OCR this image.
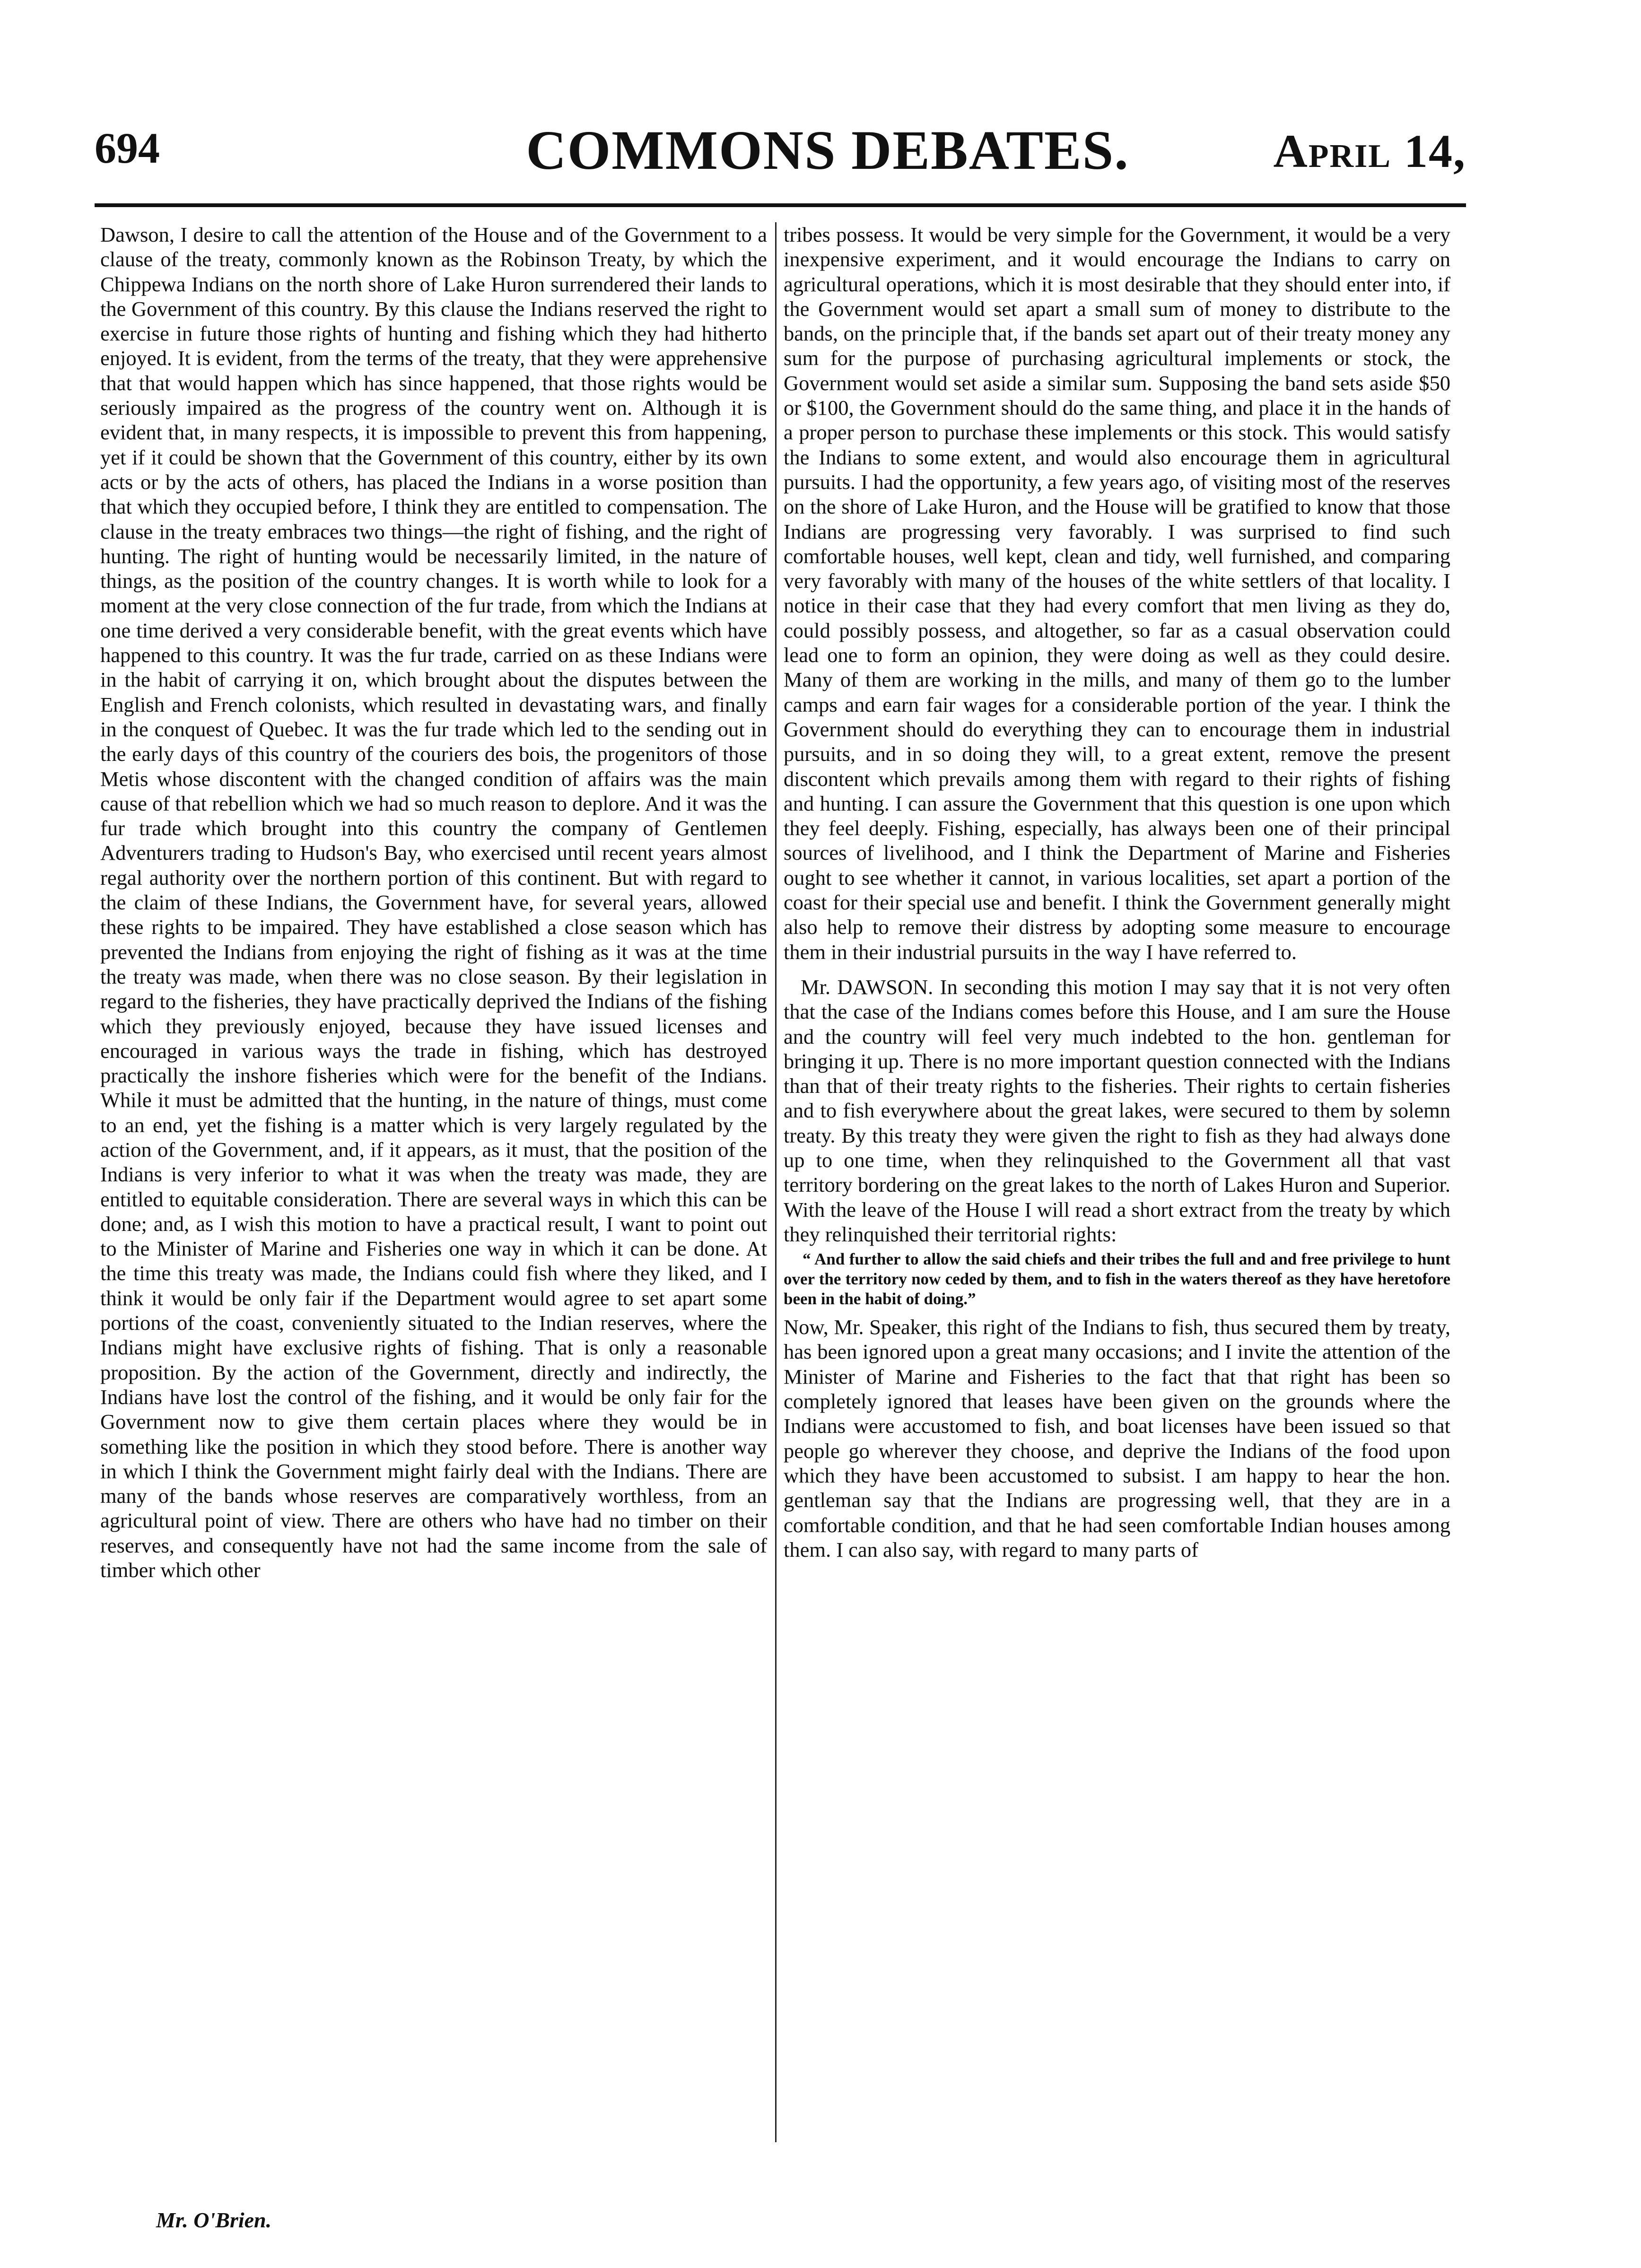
694	COMMONS DEBATES.	April 14,

Dawson, I desire to call the attention of the House and of the Government to a clause of the treaty, commonly known as the Robinson Treaty, by which the Chippewa Indians on the north shore of Lake Huron surrendered their lands to the Government of this country. By this clause the Indians reserved the right to exercise in future those rights of hunting and fishing which they had hitherto enjoyed. It is evident, from the terms of the treaty, that they were apprehensive that that would happen which has since happened, that those rights would be seriously impaired as the progress of the country went on. Although it is evident that, in many respects, it is impossible to prevent this from happening, yet if it could be shown that the Government of this country, either by its own acts or by the acts of others, has placed the Indians in a worse position than that which they occupied before, I think they are entitled to compensation. The clause in the treaty embraces two things—the right of fishing, and the right of hunting. The right of hunting would be necessarily limited, in the nature of things, as the position of the country changes. It is worth while to look for a moment at the very close connection of the fur trade, from which the Indians at one time derived a very considerable benefit, with the great events which have happened to this country. It was the fur trade, carried on as these Indians were in the habit of carrying it on, which brought about the disputes between the English and French colonists, which resulted in devastating wars, and finally in the conquest of Quebec. It was the fur trade which led to the sending out in the early days of this country of the couriers des bois, the progenitors of those Metis whose discontent with the changed condition of affairs was the main cause of that rebellion which we had so much reason to deplore. And it was the fur trade which brought into this country the company of Gentlemen Adventurers trading to Hudson's Bay, who exercised until recent years almost regal authority over the northern portion of this continent. But with regard to the claim of these Indians, the Government have, for several years, allowed these rights to be impaired. They have established a close season which has prevented the Indians from enjoying the right of fishing as it was at the time the treaty was made, when there was no close season. By their legislation in regard to the fisheries, they have practically deprived the Indians of the fishing which they previously enjoyed, because they have issued licenses and encouraged in various ways the trade in fishing, which has destroyed practically the inshore fisheries which were for the benefit of the Indians. While it must be admitted that the hunting, in the nature of things, must come to an end, yet the fishing is a matter which is very largely regulated by the action of the Government, and, if it appears, as it must, that the position of the Indians is very inferior to what it was when the treaty was made, they are entitled to equitable consideration. There are several ways in which this can be done; and, as I wish this motion to have a practical result, I want to point out to the Minister of Marine and Fisheries one way in which it can be done. At the time this treaty was made, the Indians could fish where they liked, and I think it would be only fair if the Department would agree to set apart some portions of the coast, conveniently situated to the Indian reserves, where the Indians might have exclusive rights of fishing. That is only a reasonable proposition. By the action of the Government, directly and indirectly, the Indians have lost the control of the fishing, and it would be only fair for the Government now to give them certain places where they would be in something like the position in which they stood before. There is another way in which I think the Government might fairly deal with the Indians. There are many of the bands whose reserves are comparatively worthless, from an agricultural point of view. There are others who have had no timber on their reserves, and consequently have not had the same income from the sale of timber which other

tribes possess. It would be very simple for the Government, it would be a very inexpensive experiment, and it would encourage the Indians to carry on agricultural operations, which it is most desirable that they should enter into, if the Government would set apart a small sum of money to distribute to the bands, on the principle that, if the bands set apart out of their treaty money any sum for the purpose of purchasing agricultural implements or stock, the Government would set aside a similar sum. Supposing the band sets aside $50 or $100, the Government should do the same thing, and place it in the hands of a proper person to purchase these implements or this stock. This would satisfy the Indians to some extent, and would also encourage them in agricultural pursuits. I had the opportunity, a few years ago, of visiting most of the reserves on the shore of Lake Huron, and the House will be gratified to know that those Indians are progressing very favorably. I was surprised to find such comfortable houses, well kept, clean and tidy, well furnished, and comparing very favorably with many of the houses of the white settlers of that locality. I notice in their case that they had every comfort that men living as they do, could possibly possess, and altogether, so far as a casual observation could lead one to form an opinion, they were doing as well as they could desire. Many of them are working in the mills, and many of them go to the lumber camps and earn fair wages for a considerable portion of the year. I think the Government should do everything they can to encourage them in industrial pursuits, and in so doing they will, to a great extent, remove the present discontent which prevails among them with regard to their rights of fishing and hunting. I can assure the Government that this question is one upon which they feel deeply. Fishing, especially, has always been one of their principal sources of livelihood, and I think the Department of Marine and Fisheries ought to see whether it cannot, in various localities, set apart a portion of the coast for their special use and benefit. I think the Government generally might also help to remove their distress by adopting some measure to encourage them in their industrial pursuits in the way I have referred to.

Mr. DAWSON. In seconding this motion I may say that it is not very often that the case of the Indians comes before this House, and I am sure the House and the country will feel very much indebted to the hon. gentleman for bringing it up. There is no more important question connected with the Indians than that of their treaty rights to the fisheries. Their rights to certain fisheries and to fish everywhere about the great lakes, were secured to them by solemn treaty. By this treaty they were given the right to fish as they had always done up to one time, when they relinquished to the Government all that vast territory bordering on the great lakes to the north of Lakes Huron and Superior. With the leave of the House I will read a short extract from the treaty by which they relinquished their territorial rights:

“ And further to allow the said chiefs and their tribes the full and and free privilege to hunt over the territory now ceded by them, and to fish in the waters thereof as they have heretofore been in the habit of doing.”

Now, Mr. Speaker, this right of the Indians to fish, thus secured them by treaty, has been ignored upon a great many occasions; and I invite the attention of the Minister of Marine and Fisheries to the fact that that right has been so completely ignored that leases have been given on the grounds where the Indians were accustomed to fish, and boat licenses have been issued so that people go wherever they choose, and deprive the Indians of the food upon which they have been accustomed to subsist. I am happy to hear the hon. gentleman say that the Indians are progressing well, that they are in a comfortable condition, and that he had seen comfortable Indian houses among them. I can also say, with regard to many parts of

Mr. O'Brien.
